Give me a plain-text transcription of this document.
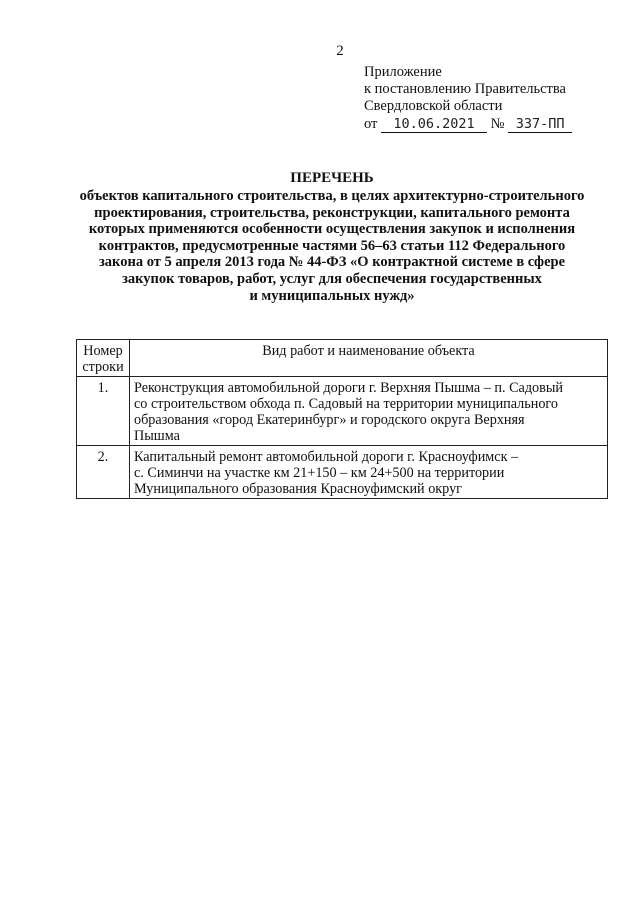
2
Приложение
к постановлению Правительства
Свердловской области
от 10.06.2021 № 337-ПП
ПЕРЕЧЕНЬ
объектов капитального строительства, в целях архитектурно-строительного
проектирования, строительства, реконструкции, капитального ремонта
которых применяются особенности осуществления закупок и исполнения
контрактов, предусмотренные частями 56–63 статьи 112 Федерального
закона от 5 апреля 2013 года № 44-ФЗ «О контрактной системе в сфере
закупок товаров, работ, услуг для обеспечения государственных
и муниципальных нужд»
Номер
строки	Вид работ и наименование объекта
1.	Реконструкция автомобильной дороги г. Верхняя Пышма – п. Садовый
со строительством обхода п. Садовый на территории муниципального
образования «город Екатеринбург» и городского округа Верхняя
Пышма

2.	Капитальный ремонт автомобильной дороги г. Красноуфимск –
с. Симинчи на участке км 21+150 – км 24+500 на территории
Муниципального образования Красноуфимский округ
